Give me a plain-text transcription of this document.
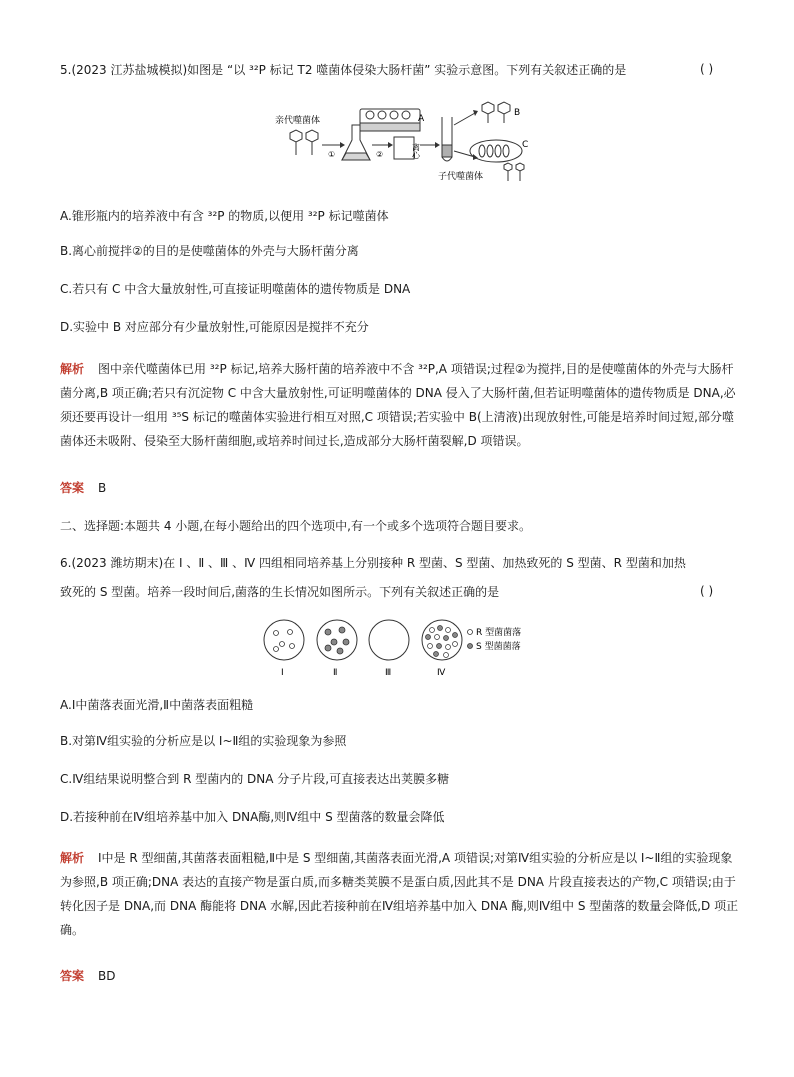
5.(2023 江苏盐城模拟)如图是 “以 ³²P 标记 T2 噬菌体侵染大肠杆菌” 实验示意图。下列有关叙述正确的是	( )
亲代噬菌体
①	②
A
离心
B
C
子代噬菌体
A.锥形瓶内的培养液中有含 ³²P 的物质,以便用 ³²P 标记噬菌体
B.离心前搅拌②的目的是使噬菌体的外壳与大肠杆菌分离
C.若只有 C 中含大量放射性,可直接证明噬菌体的遗传物质是 DNA
D.实验中 B 对应部分有少量放射性,可能原因是搅拌不充分
解析 图中亲代噬菌体已用 ³²P 标记,培养大肠杆菌的培养液中不含 ³²P,A 项错误;过程②为搅拌,目的是使噬菌体的外壳与大肠杆菌分离,B 项正确;若只有沉淀物 C 中含大量放射性,可证明噬菌体的 DNA 侵入了大肠杆菌,但若证明噬菌体的遗传物质是 DNA,必须还要再设计一组用 ³⁵S 标记的噬菌体实验进行相互对照,C 项错误;若实验中 B(上清液)出现放射性,可能是培养时间过短,部分噬菌体还未吸附、侵染至大肠杆菌细胞,或培养时间过长,造成部分大肠杆菌裂解,D 项错误。
答案 B
二、选择题:本题共 4 小题,在每小题给出的四个选项中,有一个或多个选项符合题目要求。
6.(2023 潍坊期末)在 Ⅰ 、Ⅱ 、Ⅲ 、Ⅳ 四组相同培养基上分别接种 R 型菌、S 型菌、加热致死的 S 型菌、R 型菌和加热
致死的 S 型菌。培养一段时间后,菌落的生长情况如图所示。下列有关叙述正确的是	( )
Ⅰ	Ⅱ	Ⅲ	Ⅳ
R 型菌菌落
S 型菌菌落
A.Ⅰ中菌落表面光滑,Ⅱ中菌落表面粗糙
B.对第Ⅳ组实验的分析应是以 Ⅰ~Ⅱ组的实验现象为参照
C.Ⅳ组结果说明整合到 R 型菌内的 DNA 分子片段,可直接表达出荚膜多糖
D.若接种前在Ⅳ组培养基中加入 DNA酶,则Ⅳ组中 S 型菌落的数量会降低
解析 Ⅰ中是 R 型细菌,其菌落表面粗糙,Ⅱ中是 S 型细菌,其菌落表面光滑,A 项错误;对第Ⅳ组实验的分析应是以 Ⅰ~Ⅱ组的实验现象为参照,B 项正确;DNA 表达的直接产物是蛋白质,而多糖类荚膜不是蛋白质,因此其不是 DNA 片段直接表达的产物,C 项错误;由于转化因子是 DNA,而 DNA 酶能将 DNA 水解,因此若接种前在Ⅳ组培养基中加入 DNA 酶,则Ⅳ组中 S 型菌落的数量会降低,D 项正确。
答案 BD
